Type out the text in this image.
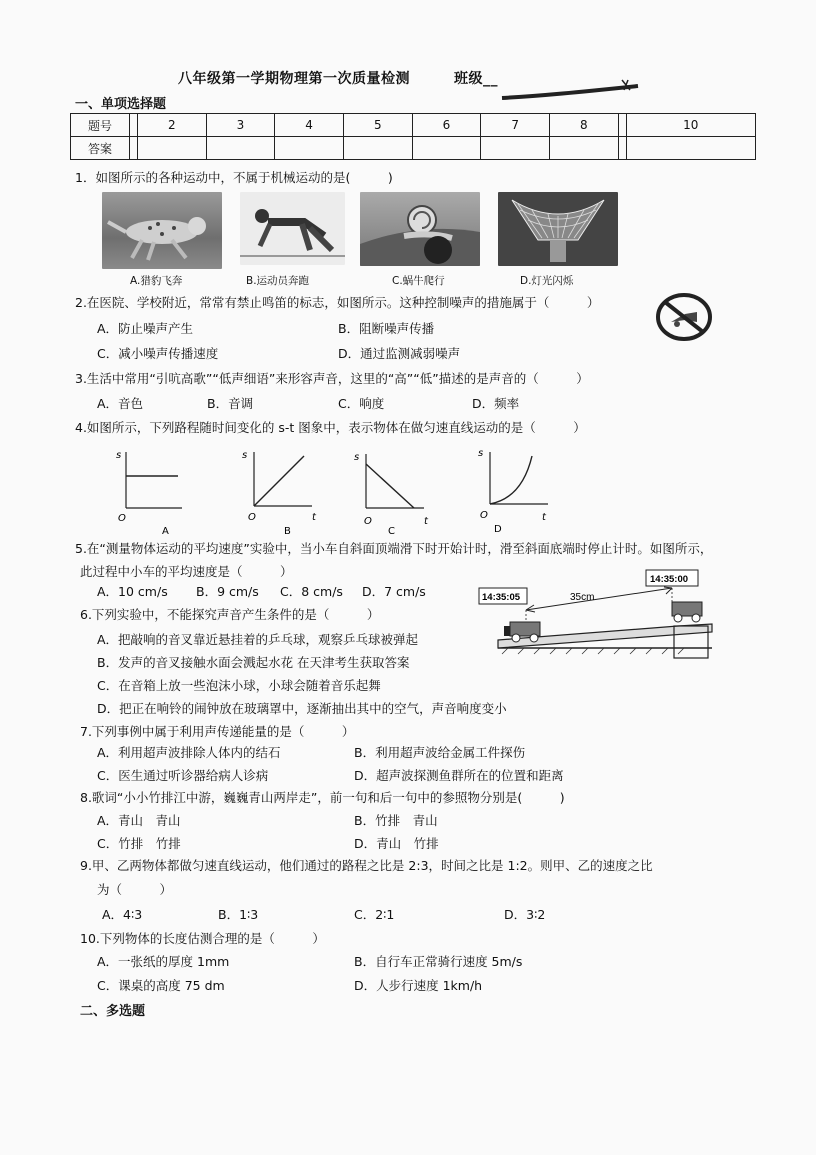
八年级第一学期物理第一次质量检测	班级__
一、单项选择题
题号		2	3	4	5	6	7	8		10
答案										
1．如图所示的各种运动中，不属于机械运动的是(　　　)
A.猎豹飞奔	B.运动员奔跑	C.蜗牛爬行	D.灯光闪烁
2.在医院、学校附近，常常有禁止鸣笛的标志，如图所示。这种控制噪声的措施属于（　　　）
A．防止噪声产生	B．阻断噪声传播
C．减小噪声传播速度	D．通过监测减弱噪声
3.生活中常用“引吭高歌”“低声细语”来形容声音，这里的“高”“低”描述的是声音的（　　　）
A．音色	B．音调	C．响度	D．频率
4.如图所示，下列路程随时间变化的 s-t 图象中，表示物体在做匀速直线运动的是（　　　）
s
O
A
s
O	t
B
s
O	t
C
s
O	t
D
5.在“测量物体运动的平均速度”实验中，当小车自斜面顶端滑下时开始计时，滑至斜面底端时停止计时。如图所示，
此过程中小车的平均速度是（　　　）
A．10 cm/s B．9 cm/s C．8 cm/s D．7 cm/s	35cm
14:35:05
14:35:00
6.下列实验中，不能探究声音产生条件的是（　　　）
A．把敲响的音叉靠近悬挂着的乒乓球，观察乒乓球被弹起
B．发声的音叉接触水面会溅起水花 在天津考生获取答案
C．在音箱上放一些泡沫小球，小球会随着音乐起舞
D．把正在响铃的闹钟放在玻璃罩中，逐渐抽出其中的空气，声音响度变小
7.下列事例中属于利用声传递能量的是（　　　）
A．利用超声波排除人体内的结石	B．利用超声波给金属工件探伤
C．医生通过听诊器给病人诊病	D．超声波探测鱼群所在的位置和距离
8.歌词“小小竹排江中游，巍巍青山两岸走”，前一句和后一句中的参照物分别是(　　　)
A．青山　青山	B．竹排　青山
C．竹排　竹排	D．青山　竹排
9.甲、乙两物体都做匀速直线运动，他们通过的路程之比是 2:3，时间之比是 1:2。则甲、乙的速度之比
为（　　　）
A．4∶3	B．1∶3	C．2∶1	D．3∶2
10.下列物体的长度估测合理的是（　　　）
A．一张纸的厚度 1mm	B．自行车正常骑行速度 5m/s
C．课桌的高度 75 dm	D．人步行速度 1km/h
二、多选题
